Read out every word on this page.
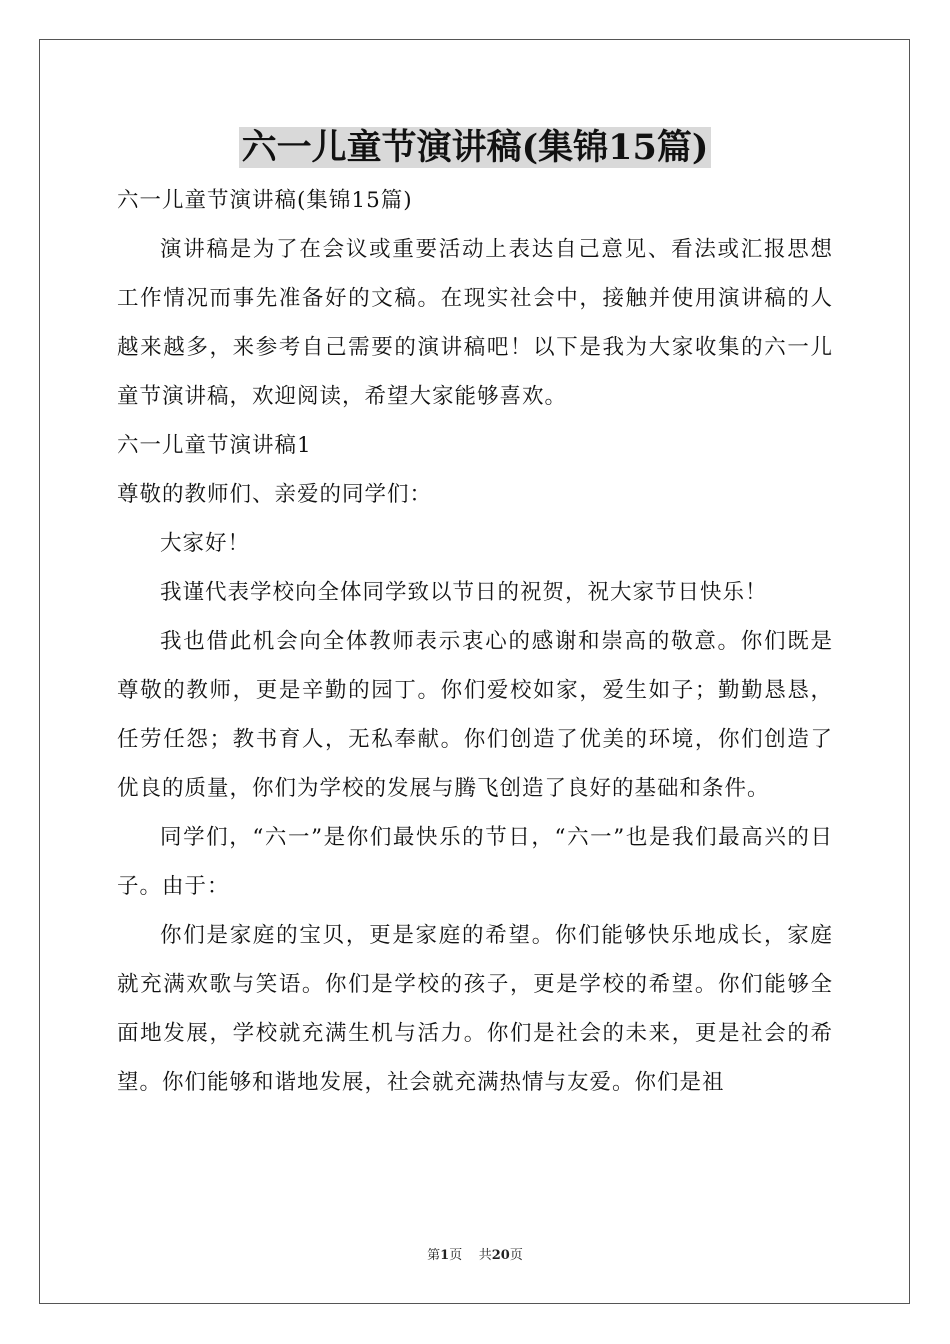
六一儿童节演讲稿(集锦15篇)

六一儿童节演讲稿(集锦15篇)

演讲稿是为了在会议或重要活动上表达自己意见、看法或汇报思想工作情况而事先准备好的文稿。在现实社会中，接触并使用演讲稿的人越来越多，来参考自己需要的演讲稿吧！以下是我为大家收集的六一儿童节演讲稿，欢迎阅读，希望大家能够喜欢。

六一儿童节演讲稿1

尊敬的教师们、亲爱的同学们：

大家好！

我谨代表学校向全体同学致以节日的祝贺，祝大家节日快乐！

我也借此机会向全体教师表示衷心的感谢和崇高的敬意。你们既是尊敬的教师，更是辛勤的园丁。你们爱校如家，爱生如子；勤勤恳恳，任劳任怨；教书育人，无私奉献。你们创造了优美的环境，你们创造了优良的质量，你们为学校的发展与腾飞创造了良好的基础和条件。

同学们，“六一”是你们最快乐的节日，“六一”也是我们最高兴的日子。由于：

你们是家庭的宝贝，更是家庭的希望。你们能够快乐地成长，家庭就充满欢歌与笑语。你们是学校的孩子，更是学校的希望。你们能够全面地发展，学校就充满生机与活力。你们是社会的未来，更是社会的希望。你们能够和谐地发展，社会就充满热情与友爱。你们是祖

第1页 共20页
